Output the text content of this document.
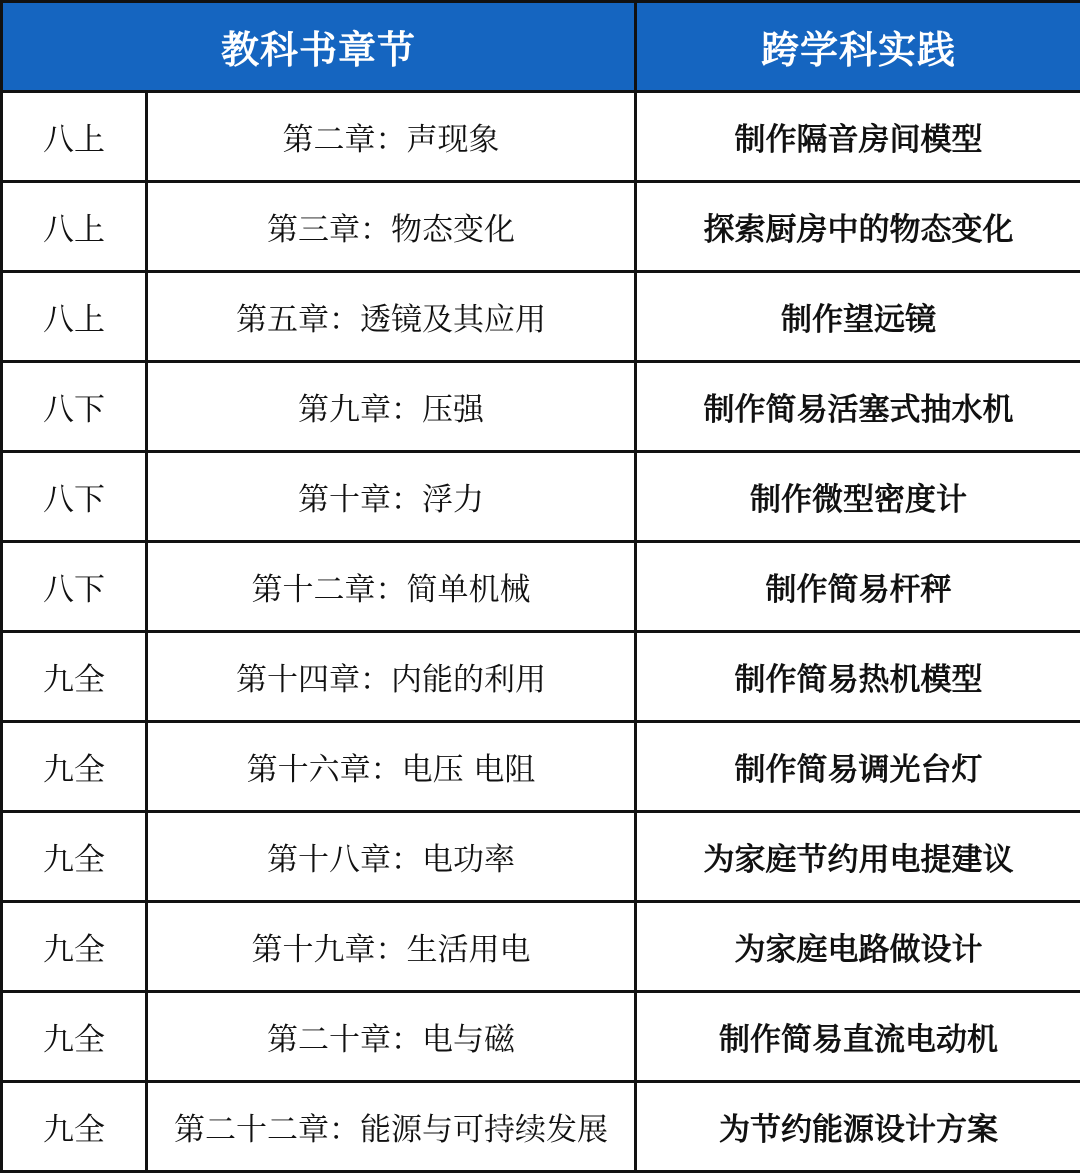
教科书章节		跨学科实践
八上	第二章：声现象	制作隔音房间模型
八上	第三章：物态变化	探索厨房中的物态变化
八上	第五章：透镜及其应用	制作望远镜
八下	第九章：压强	制作简易活塞式抽水机
八下	第十章：浮力	制作微型密度计
八下	第十二章：简单机械	制作简易杆秤
九全	第十四章：内能的利用	制作简易热机模型
九全	第十六章：电压 电阻	制作简易调光台灯
九全	第十八章：电功率	为家庭节约用电提建议
九全	第十九章：生活用电	为家庭电路做设计
九全	第二十章：电与磁	制作简易直流电动机
九全	第二十二章：能源与可持续发展	为节约能源设计方案
